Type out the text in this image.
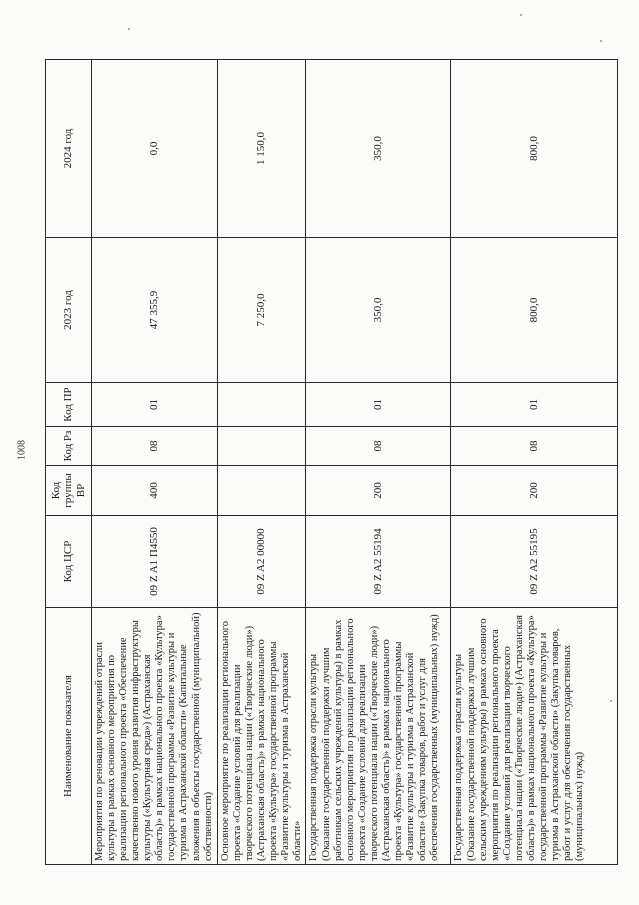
1008
Наименование показателя	Код ЦСР	Код группы ВР	Код Рз	Код ПР	2023 год	2024 год
Мероприятия по реновации учреждений отрасли культуры в рамках основного мероприятия по реализации регионального проекта «Обеспечение качественно нового уровня развития инфраструктуры культуры («Культурная среда») (Астраханская область)» в рамках национального проекта «Культура» государственной программы «Развитие культуры и туризма в Астраханской области» (Капитальные вложения в объекты государственной (муниципальной) собственности)	09 Z A1 П4550	400	08	01	47 355,9	0,0
Основное мероприятие по реализации регионального проекта «Создание условий для реализации творческого потенциала нации («Творческие люди») (Астраханская область)» в рамках национального проекта «Культура» государственной программы «Развитие культуры и туризма в Астраханской области»	09 Z A2 00000				7 250,0	1 150,0
Государственная поддержка отрасли культуры (Оказание государственной поддержки лучшим работникам сельских учреждений культуры) в рамках основного мероприятия по реализации регионального проекта «Создание условий для реализации творческого потенциала нации («Творческие люди») (Астраханская область)» в рамках национального проекта «Культура» государственной программы «Развитие культуры и туризма в Астраханской области» (Закупка товаров, работ и услуг для обеспечения государственных (муниципальных) нужд)	09 Z A2 55194	200	08	01	350,0	350,0
Государственная поддержка отрасли культуры (Оказание государственной поддержки лучшим сельским учреждениям культуры) в рамках основного мероприятия по реализации регионального проекта «Создание условий для реализации творческого потенциала нации («Творческие люди») (Астраханская область)» в рамках национального проекта «Культура» государственной программы «Развитие культуры и туризма в Астраханской области» (Закупка товаров, работ и услуг для обеспечения государственных (муниципальных) нужд)	09 Z A2 55195	200	08	01	800,0	800,0
